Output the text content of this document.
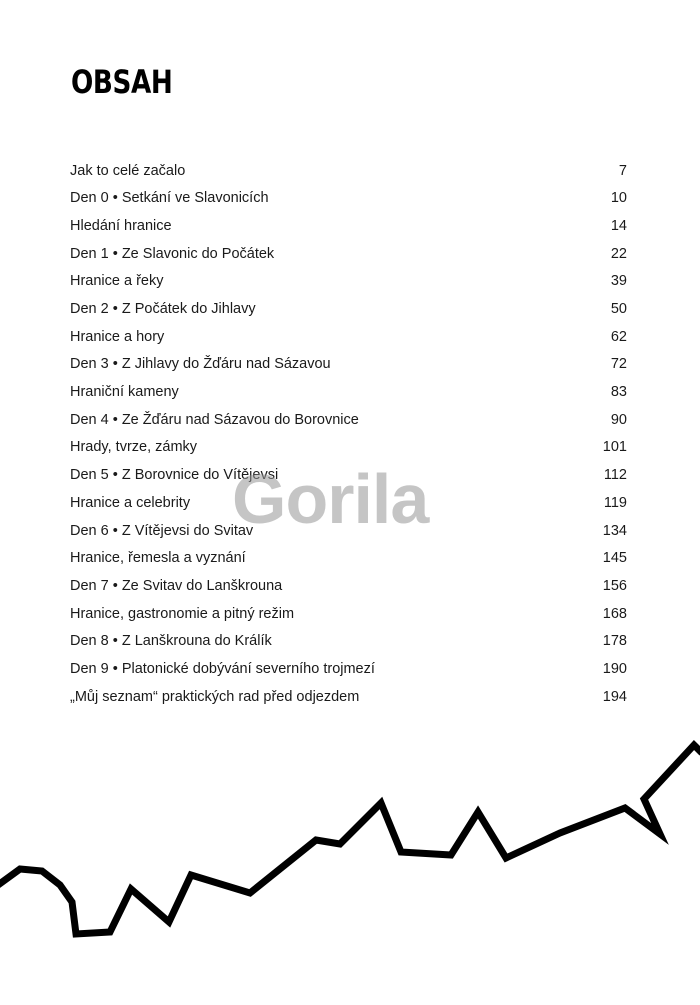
OBSAH
Jak to celé začalo	7
Den 0 • Setkání ve Slavonicích	10
Hledání hranice	14
Den 1 • Ze Slavonic do Počátek	22
Hranice a řeky	39
Den 2 • Z Počátek do Jihlavy	50
Hranice a hory	62
Den 3 • Z Jihlavy do Žďáru nad Sázavou	72
Hraniční kameny	83
Den 4 • Ze Žďáru nad Sázavou do Borovnice	90
Hrady, tvrze, zámky	101
Den 5 • Z Borovnice do Vítějevsi	112
Hranice a celebrity	119
Den 6 • Z Vítějevsi do Svitav	134
Hranice, řemesla a vyznání	145
Den 7 • Ze Svitav do Lanškrouna	156
Hranice, gastronomie a pitný režim	168
Den 8 • Z Lanškrouna do Králík	178
Den 9 • Platonické dobývání severního trojmezí	190
„Můj seznam“ praktických rad před odjezdem	194
Gorila
